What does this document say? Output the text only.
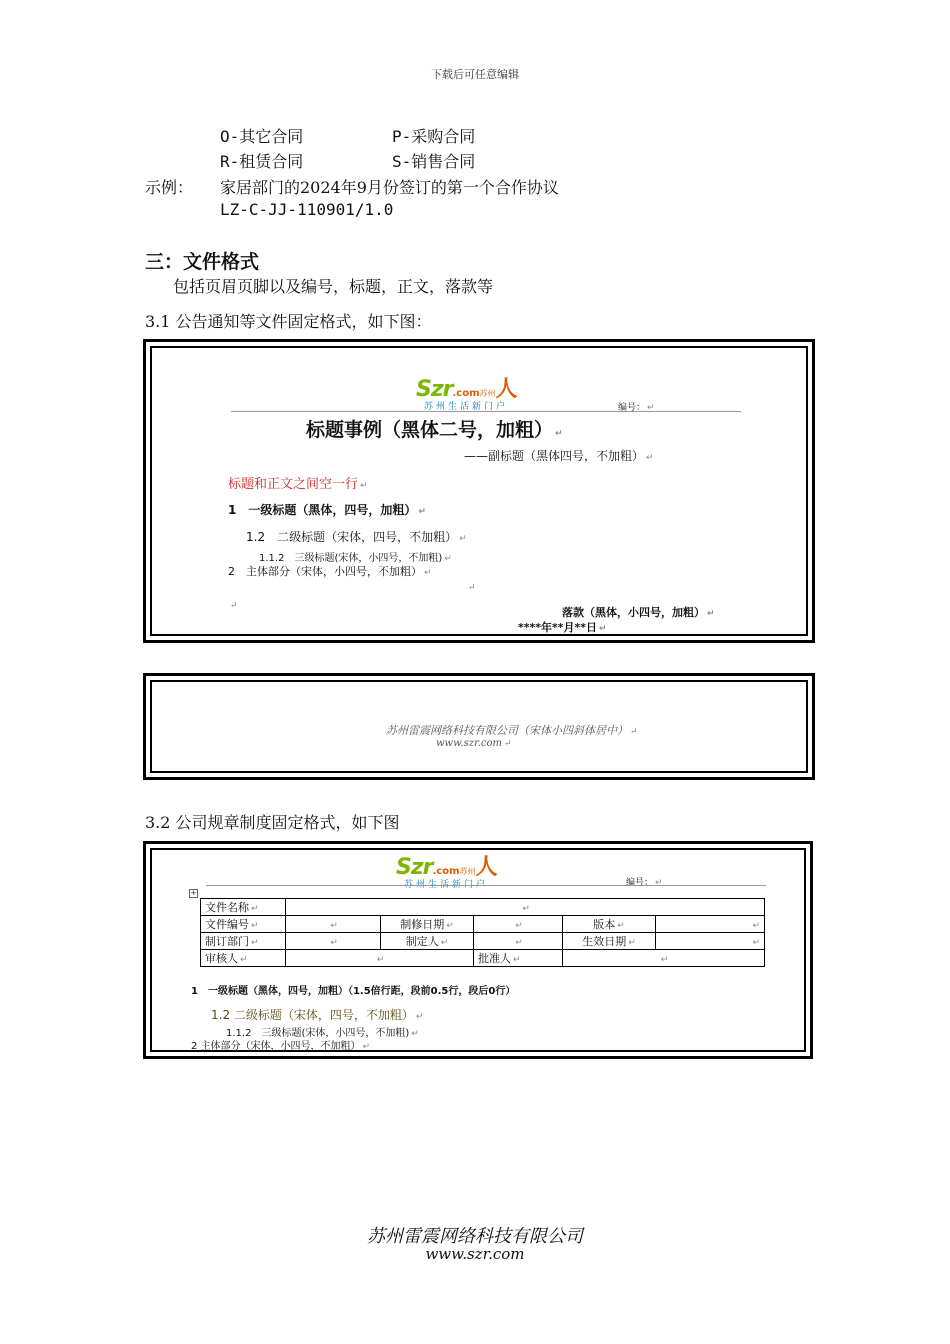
下载后可任意编辑
O-其它合同	P-采购合同
R-租赁合同	S-销售合同
示例： 家居部门的2024年9月份签订的第一个合作协议
LZ-C-JJ-110901/1.0
三：文件格式
包括页眉页脚以及编号，标题，正文，落款等
3.1 公告通知等文件固定格式，如下图：
Szr.com苏州人
苏州生活新门户	编号： ↵
标题事例（黑体二号，加粗） ↵
——副标题（黑体四号，不加粗） ↵
标题和正文之间空一行 ↵
1　一级标题（黑体，四号，加粗） ↵
1.2　二级标题（宋体，四号，不加粗） ↵
1.1.2　三级标题(宋体，小四号，不加粗) ↵
2　主体部分（宋体，小四号，不加粗） ↵
↵
↵	落款（黑体，小四号，加粗） ↵
****年**月**日 ↵
苏州雷震网络科技有限公司（宋体小四斜体居中） ↵
www.szr.com ↵
3.2 公司规章制度固定格式，如下图
Szr.com苏州人
苏州生活新门户	编号： ↵
+
文件名称 ↵	↵				
文件编号 ↵	↵	制修日期 ↵	↵	版本 ↵	↵
制订部门 ↵	↵	制定人 ↵	↵	生效日期 ↵	↵
审核人 ↵	↵		批准人 ↵	↵	
1　一级标题（黑体，四号，加粗）（1.5倍行距，段前0.5行，段后0行）
1.2 二级标题（宋体，四号，不加粗） ↵
1.1.2　三级标题(宋体，小四号，不加粗) ↵
2 主体部分（宋体，小四号，不加粗） ↵
苏州雷震网络科技有限公司
www.szr.com
